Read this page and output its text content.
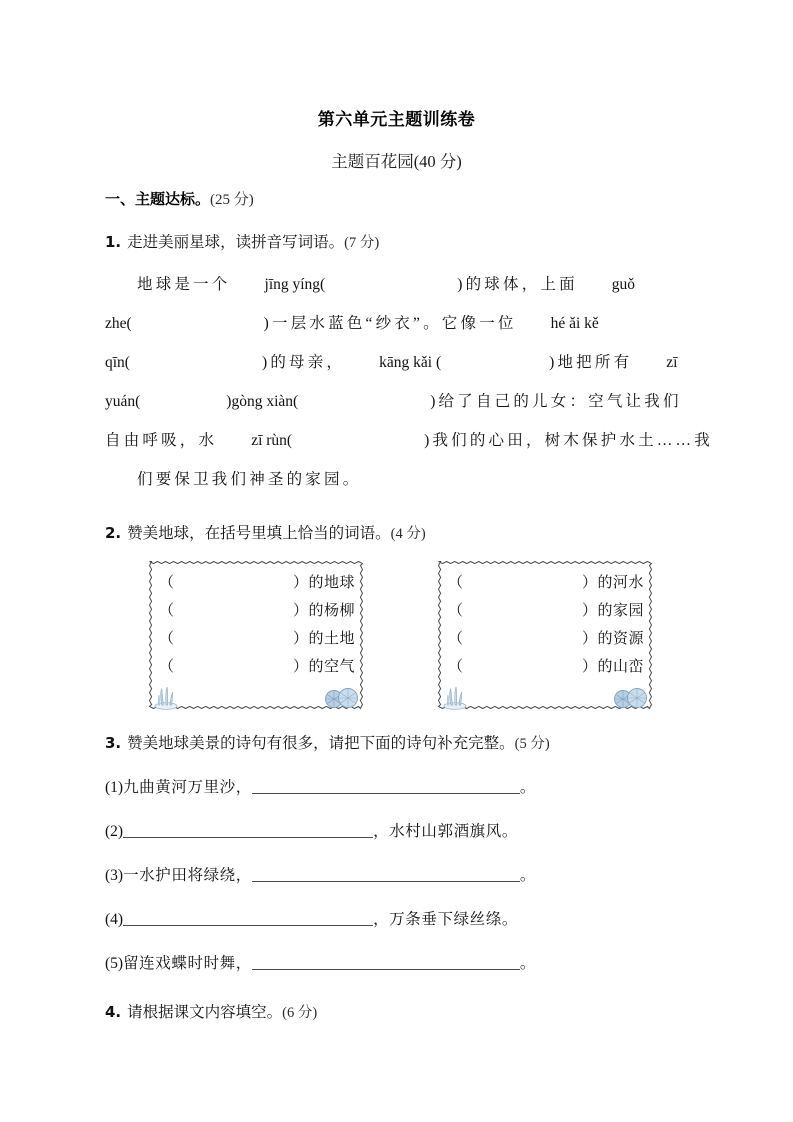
第六单元主题训练卷
主题百花园(40 分)
一、主题达标。(25 分)
1. 走进美丽星球，读拼音写词语。(7 分)
地球是一个 jīng yíng(	)的球体，上面 guǒ
zhe(	)一层水蓝色“纱衣”。它像一位 hé ǎi kě
qīn(	)的母亲， kāng kǎi (	)地把所有 zī
yuán(	)gòng xiàn(	)给了自己的儿女：空气让我们
自由呼吸，水 zī rùn(	)我们的心田，树木保护水土……我
们要保卫我们神圣的家园。
2. 赞美地球，在括号里填上恰当的词语。(4 分)
（	）的地球
（	）的杨柳
（	）的土地
（	）的空气
（	）的河水
（	）的家园
（	）的资源
（	）的山峦
3. 赞美地球美景的诗句有很多，请把下面的诗句补充完整。(5 分)
(1)九曲黄河万里沙，	。
(2)	，水村山郭酒旗风。
(3)一水护田将绿绕，	。
(4)	，万条垂下绿丝绦。
(5)留连戏蝶时时舞，	。
4. 请根据课文内容填空。(6 分)
